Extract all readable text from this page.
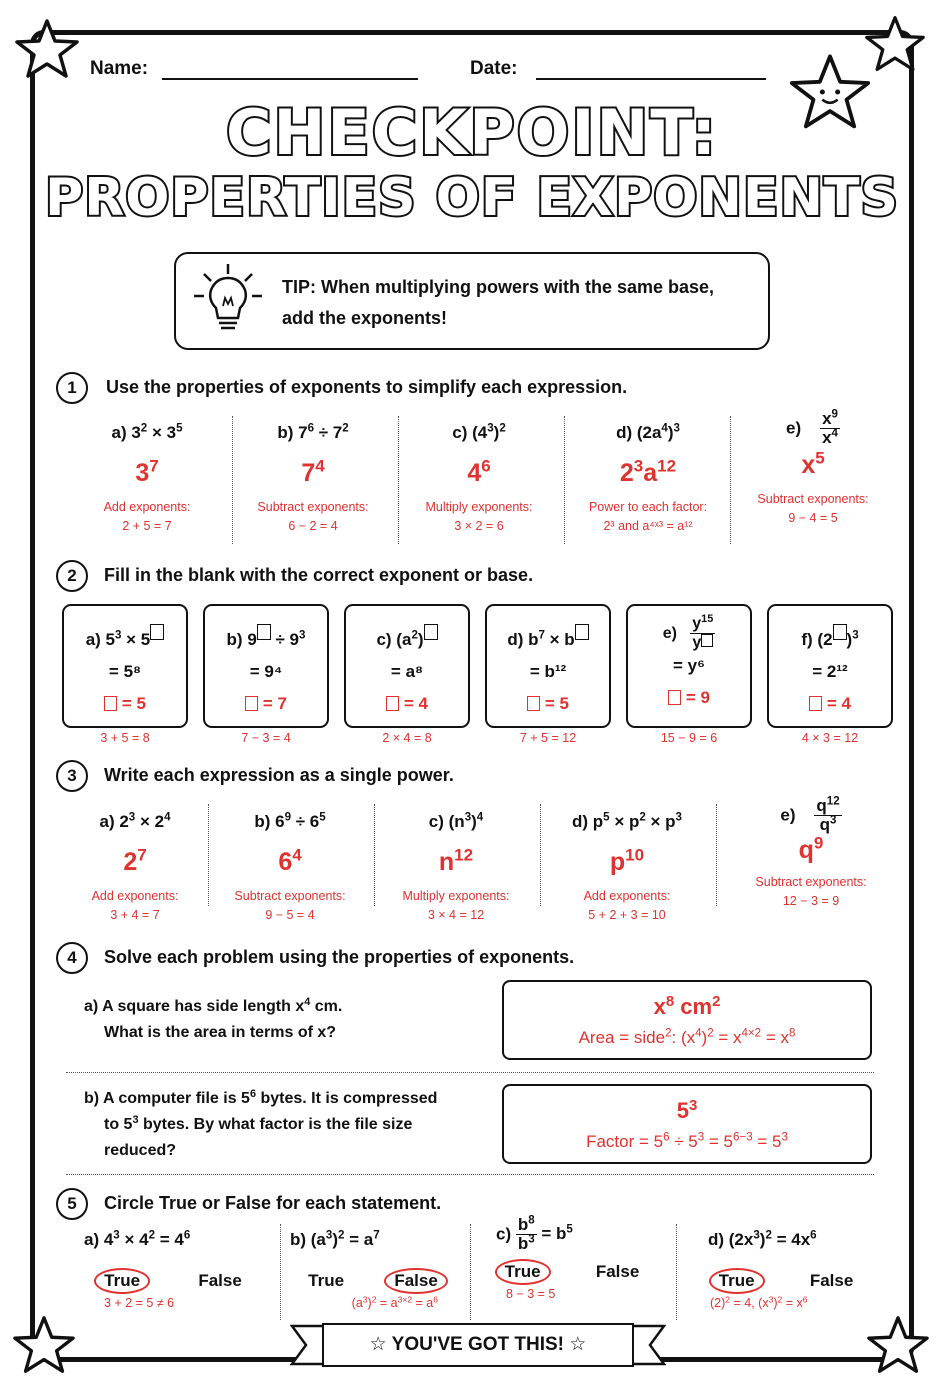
Name:	Date:
CHECKPOINT:
PROPERTIES OF EXPONENTS
TIP: When multiplying powers with the same base,
add the exponents!
1	Use the properties of exponents to simplify each expression.
a) $3^2 \times 3^5$
$3^7$
Add exponents:
2 + 5 = 7
b) $7^6 \div 7^2$
$7^4$
Subtract exponents:
6 − 2 = 4
c) $(4^3)^2$
$4^6$
Multiply exponents:
3 × 2 = 6
d) $(2a^4)^3$
$2^3a^{12}$
Power to each factor:
2³ and a⁴ˣ³ = a¹²
$e) \frac{x^9}{x^4}$
$x^5$
Subtract exponents:
9 − 4 = 5
2	Fill in the blank with the correct exponent or base.
a) $5^3 \times 5$
= 5⁸
= 5
3 + 5 = 8
b) $9 \div 9^3$
= 9⁴
= 7
7 − 3 = 4
c) $(a^2)$
= a⁸
= 4
2 × 4 = 8
d) $b^7 \times b$
= b¹²
= 5
7 + 5 = 12
$e) \frac{y^{15}}{y}$
= y⁶
= 9
15 − 9 = 6
f) (2 )$^3$
= 2¹²
= 4
4 × 3 = 12
3	Write each expression as a single power.
a) $2^3 \times 2^4$
$2^7$
Add exponents:
3 + 4 = 7
b) $6^9 \div 6^5$
$6^4$
Subtract exponents:
9 − 5 = 4
c) $(n^3)^4$
$n^{12}$
Multiply exponents:
3 × 4 = 12
d) $p^5 \times p^2 \times p^3$
$p^{10}$
Add exponents:
5 + 2 + 3 = 10
$e) \frac{q^{12}}{q^3}$
$q^9$
Subtract exponents:
12 − 3 = 9
4	Solve each problem using the properties of exponents.
a) A square has side length $x^4$ cm.
What is the area in terms of x?
$x^8$ $cm^2$
Area = side$^2$: $(x^4)^2 = x^{4\times 2} = x^8$
b) A computer file is $5^6$ bytes. It is compressed
to $5^3$ bytes. By what factor is the file size
reduced?
$5^3$
Factor = $5^6 \div 5^3 = 5^{6-3} = 5^3$
5	Circle True or False for each statement.
a) $4^3 \times 4^2 = 4^6$
True	False
3 + 2 = 5 ≠ 6
b) $(a^3)^2 = a^7$
True	False
$(a^3)^2 = a^{3\times 2} = a^6$
$c) \frac{b^8}{b^3} = b^5$
True	False
8 − 3 = 5
d) $(2x^3)^2 = 4x^6$
True	False
$(2)^2 = 4$, $(x^3)^2 = x^6$
☆ YOU'VE GOT THIS! ☆
